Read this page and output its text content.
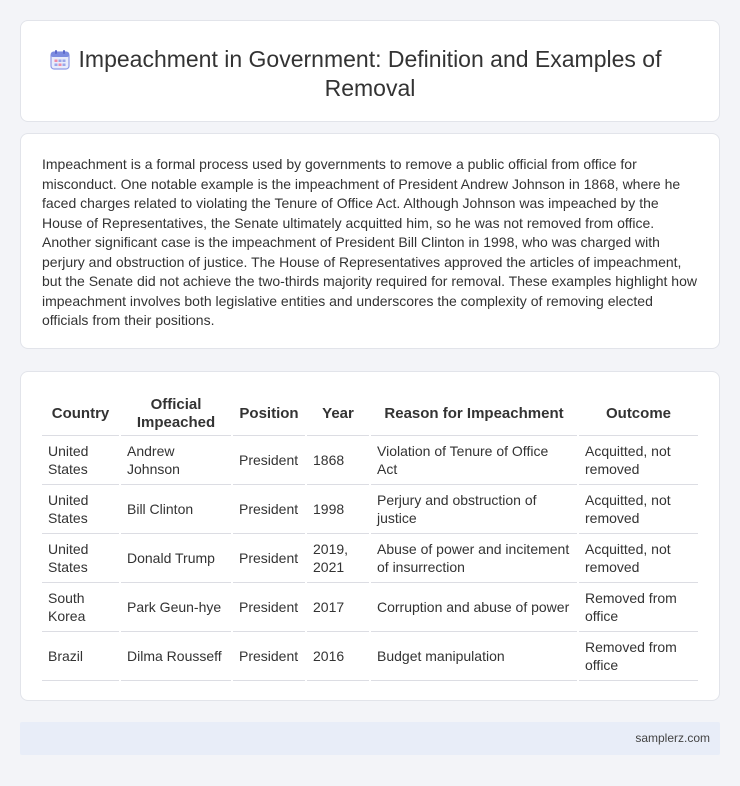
Impeachment in Government: Definition and Examples of Removal

Impeachment is a formal process used by governments to remove a public official from office for misconduct. One notable example is the impeachment of President Andrew Johnson in 1868, where he faced charges related to violating the Tenure of Office Act. Although Johnson was impeached by the House of Representatives, the Senate ultimately acquitted him, so he was not removed from office. Another significant case is the impeachment of President Bill Clinton in 1998, who was charged with perjury and obstruction of justice. The House of Representatives approved the articles of impeachment, but the Senate did not achieve the two-thirds majority required for removal. These examples highlight how impeachment involves both legislative entities and underscores the complexity of removing elected officials from their positions.

Country	Official Impeached	Position	Year	Reason for Impeachment	Outcome
United States	Andrew Johnson	President	1868	Violation of Tenure of Office Act	Acquitted, not removed
United States	Bill Clinton	President	1998	Perjury and obstruction of justice	Acquitted, not removed
United States	Donald Trump	President	2019, 2021	Abuse of power and incitement of insurrection	Acquitted, not removed
South Korea	Park Geun-hye	President	2017	Corruption and abuse of power	Removed from office
Brazil	Dilma Rousseff	President	2016	Budget manipulation	Removed from office
samplerz.com
